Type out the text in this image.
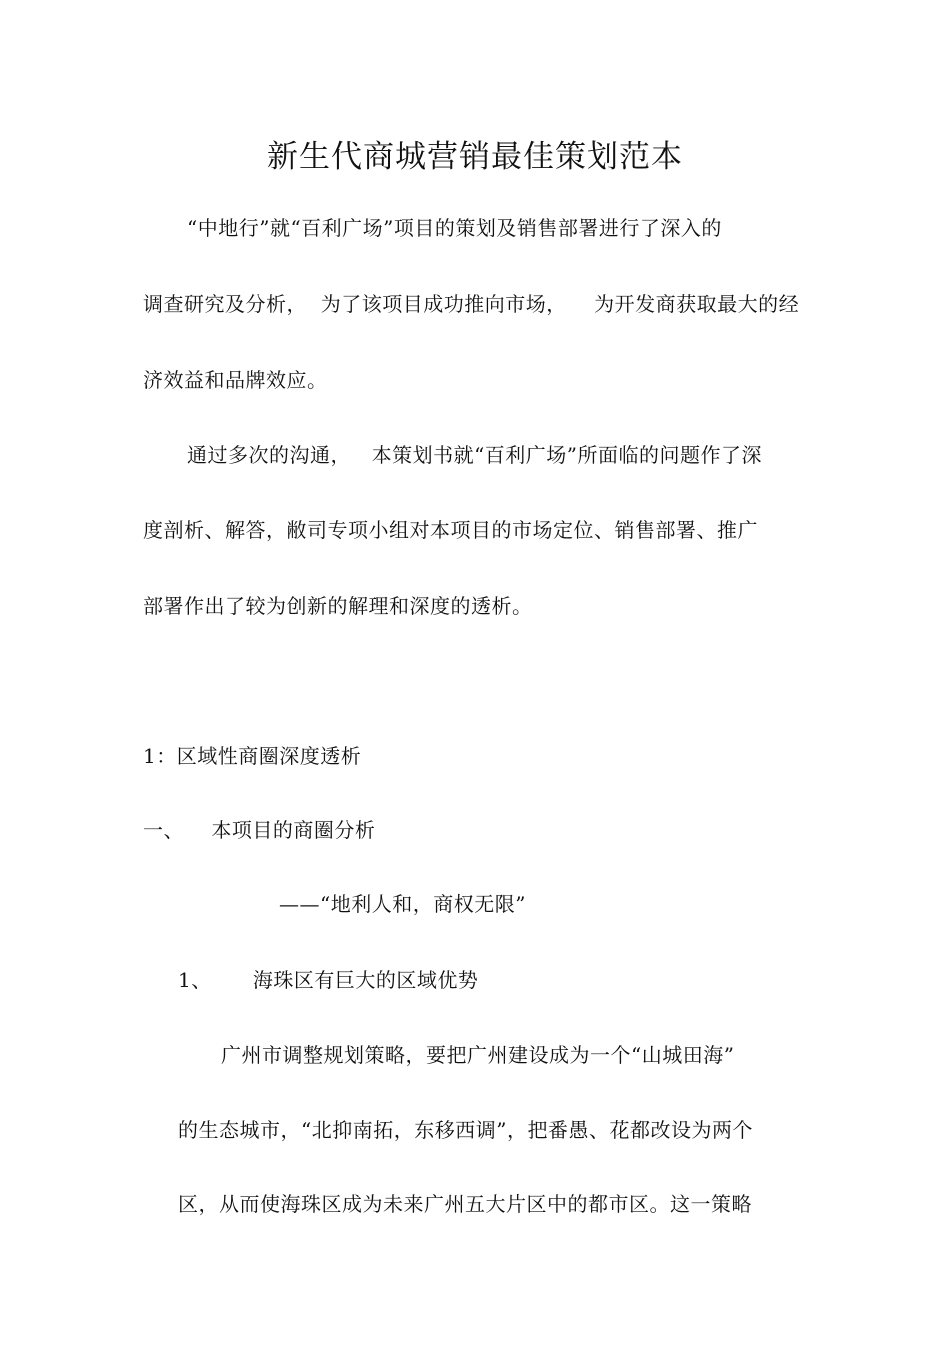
新生代商城营销最佳策划范本
“中地行”就“百利广场”项目的策划及销售部署进行了深入的
调查研究及分析，  为了该项目成功推向市场，    为开发商获取最大的经
济效益和品牌效应。
通过多次的沟通，   本策划书就“百利广场”所面临的问题作了深
度剖析、解答，敝司专项小组对本项目的市场定位、销售部署、推广
部署作出了较为创新的解理和深度的透析。
1：区域性商圈深度透析
一、    本项目的商圈分析
——“地利人和，商权无限”
1、      海珠区有巨大的区域优势
广州市调整规划策略，要把广州建设成为一个“山城田海”
的生态城市，“北抑南拓，东移西调”，把番愚、花都改设为两个
区，从而使海珠区成为未来广州五大片区中的都市区。这一策略
